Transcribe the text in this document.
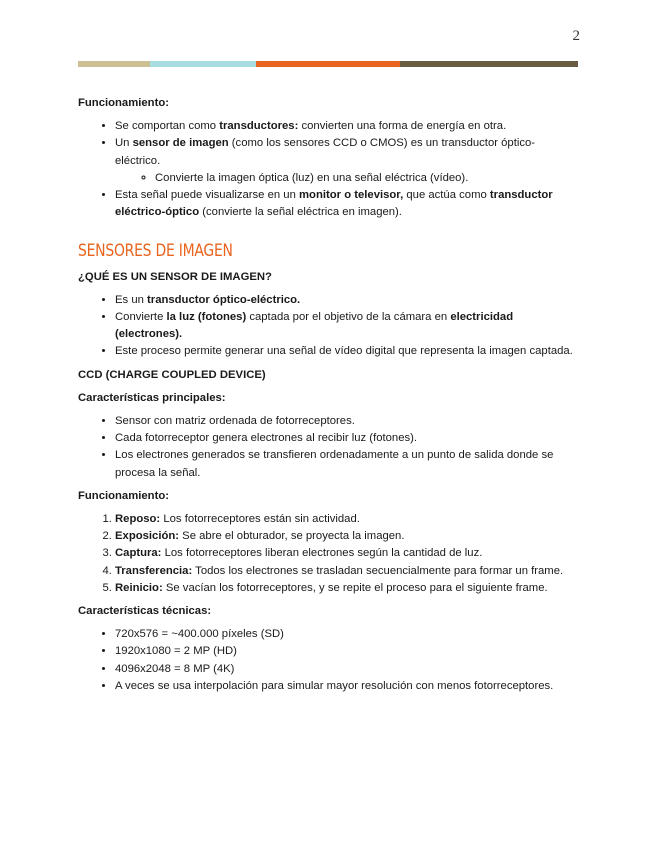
2

Funcionamiento:

• Se comportan como transductores: convierten una forma de energía en otra.
• Un sensor de imagen (como los sensores CCD o CMOS) es un transductor óptico-eléctrico.
◦ Convierte la imagen óptica (luz) en una señal eléctrica (vídeo).
• Esta señal puede visualizarse en un monitor o televisor, que actúa como transductor eléctrico-óptico (convierte la señal eléctrica en imagen).
SENSORES DE IMAGEN

¿QUÉ ES UN SENSOR DE IMAGEN?

• Es un transductor óptico-eléctrico.
• Convierte la luz (fotones) captada por el objetivo de la cámara en electricidad (electrones).
• Este proceso permite generar una señal de vídeo digital que representa la imagen captada.

CCD (CHARGE COUPLED DEVICE)

Características principales:

• Sensor con matriz ordenada de fotorreceptores.
• Cada fotorreceptor genera electrones al recibir luz (fotones).
• Los electrones generados se transfieren ordenadamente a un punto de salida donde se procesa la señal.

Funcionamiento:

1. Reposo: Los fotorreceptores están sin actividad.
2. Exposición: Se abre el obturador, se proyecta la imagen.
3. Captura: Los fotorreceptores liberan electrones según la cantidad de luz.
4. Transferencia: Todos los electrones se trasladan secuencialmente para formar un frame.
5. Reinicio: Se vacían los fotorreceptores, y se repite el proceso para el siguiente frame.

Características técnicas:

• 720x576 = ~400.000 píxeles (SD)
• 1920x1080 = 2 MP (HD)
• 4096x2048 = 8 MP (4K)
• A veces se usa interpolación para simular mayor resolución con menos fotorreceptores.
